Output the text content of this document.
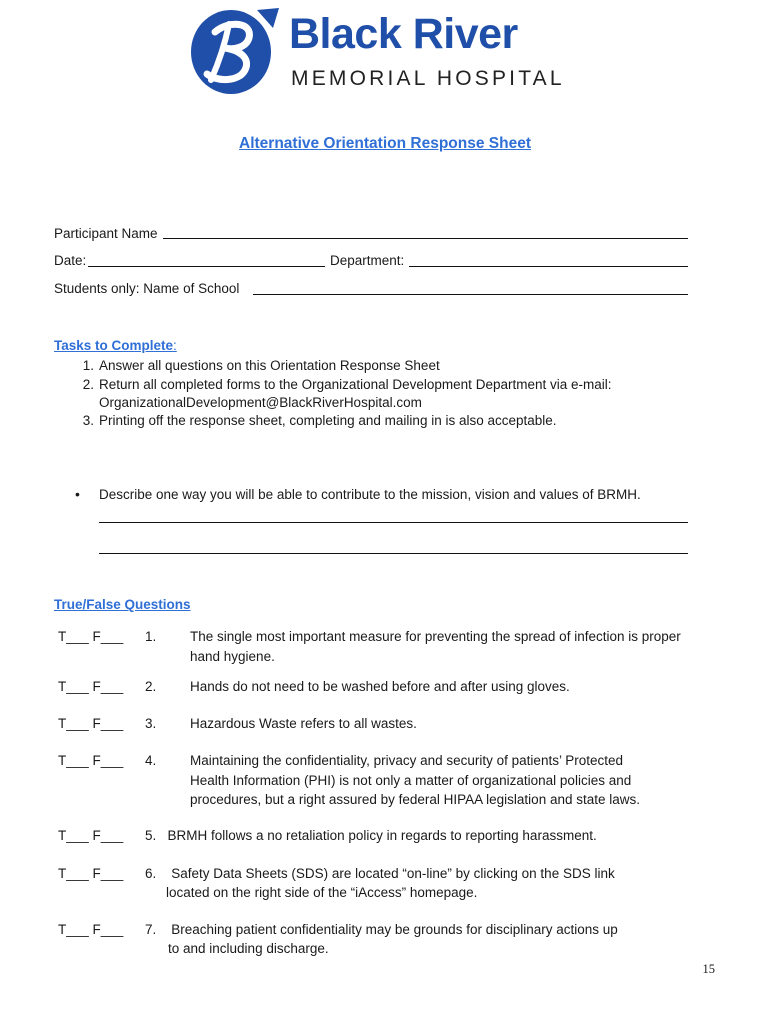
Black River
MEMORIAL HOSPITAL
Alternative Orientation Response Sheet
Participant Name
Date:	Department:
Students only: Name of School
Tasks to Complete:
1. Answer all questions on this Orientation Response Sheet
2. Return all completed forms to the Organizational Development Department via e-mail:
OrganizationalDevelopment@BlackRiverHospital.com
3. Printing off the response sheet, completing and mailing in is also acceptable.
• Describe one way you will be able to contribute to the mission, vision and values of BRMH.
True/False Questions
T___ F___ 1. The single most important measure for preventing the spread of infection is proper hand hygiene.
T___ F___ 2. Hands do not need to be washed before and after using gloves.
T___ F___ 3. Hazardous Waste refers to all wastes.
T___ F___ 4. Maintaining the confidentiality, privacy and security of patients’ Protected Health Information (PHI) is not only a matter of organizational policies and procedures, but a right assured by federal HIPAA legislation and state laws.
T___ F___ 5.   BRMH follows a no retaliation policy in regards to reporting harassment.
T___ F___ 6.    Safety Data Sheets (SDS) are located “on-line” by clicking on the SDS link
located on the right side of the “iAccess” homepage.
T___ F___ 7.    Breaching patient confidentiality may be grounds for disciplinary actions up
to and including discharge.
15
